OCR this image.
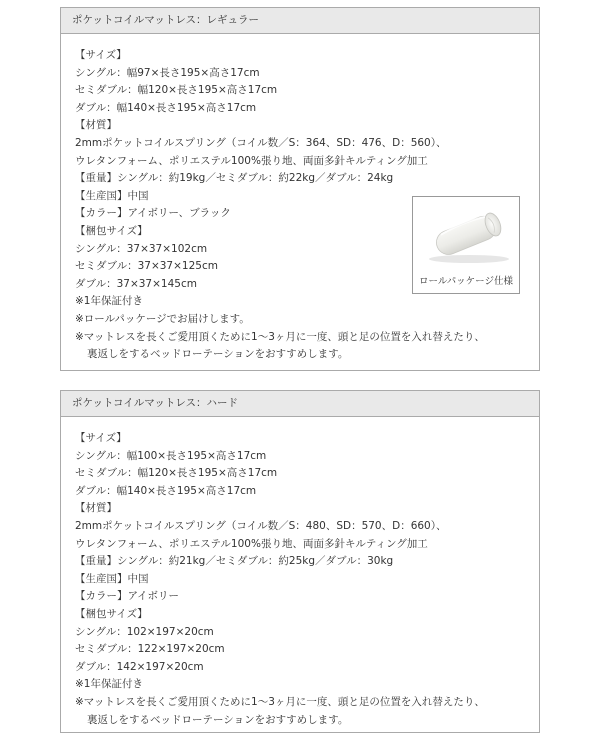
ポケットコイルマットレス：レギュラー
【サイズ】
シングル：幅97×長さ195×高さ17cm
セミダブル：幅120×長さ195×高さ17cm
ダブル：幅140×長さ195×高さ17cm
【材質】
2mmポケットコイルスプリング（コイル数／S：364、SD：476、D：560）、
ウレタンフォーム、ポリエステル100%張り地、両面多針キルティング加工
【重量】シングル：約19kg／セミダブル：約22kg／ダブル：24kg
【生産国】中国
【カラー】アイボリー、ブラック
【梱包サイズ】
シングル：37×37×102cm
セミダブル：37×37×125cm
ダブル：37×37×145cm
※1年保証付き
※ロールパッケージでお届けします。
※マットレスを長くご愛用頂くために1～3ヶ月に一度、頭と足の位置を入れ替えたり、
裏返しをするベッドローテーションをおすすめします。
ロールパッケージ仕様
ポケットコイルマットレス：ハード
【サイズ】
シングル：幅100×長さ195×高さ17cm
セミダブル：幅120×長さ195×高さ17cm
ダブル：幅140×長さ195×高さ17cm
【材質】
2mmポケットコイルスプリング（コイル数／S：480、SD：570、D：660）、
ウレタンフォーム、ポリエステル100%張り地、両面多針キルティング加工
【重量】シングル：約21kg／セミダブル：約25kg／ダブル：30kg
【生産国】中国
【カラー】アイボリー
【梱包サイズ】
シングル：102×197×20cm
セミダブル：122×197×20cm
ダブル：142×197×20cm
※1年保証付き
※マットレスを長くご愛用頂くために1～3ヶ月に一度、頭と足の位置を入れ替えたり、
裏返しをするベッドローテーションをおすすめします。
